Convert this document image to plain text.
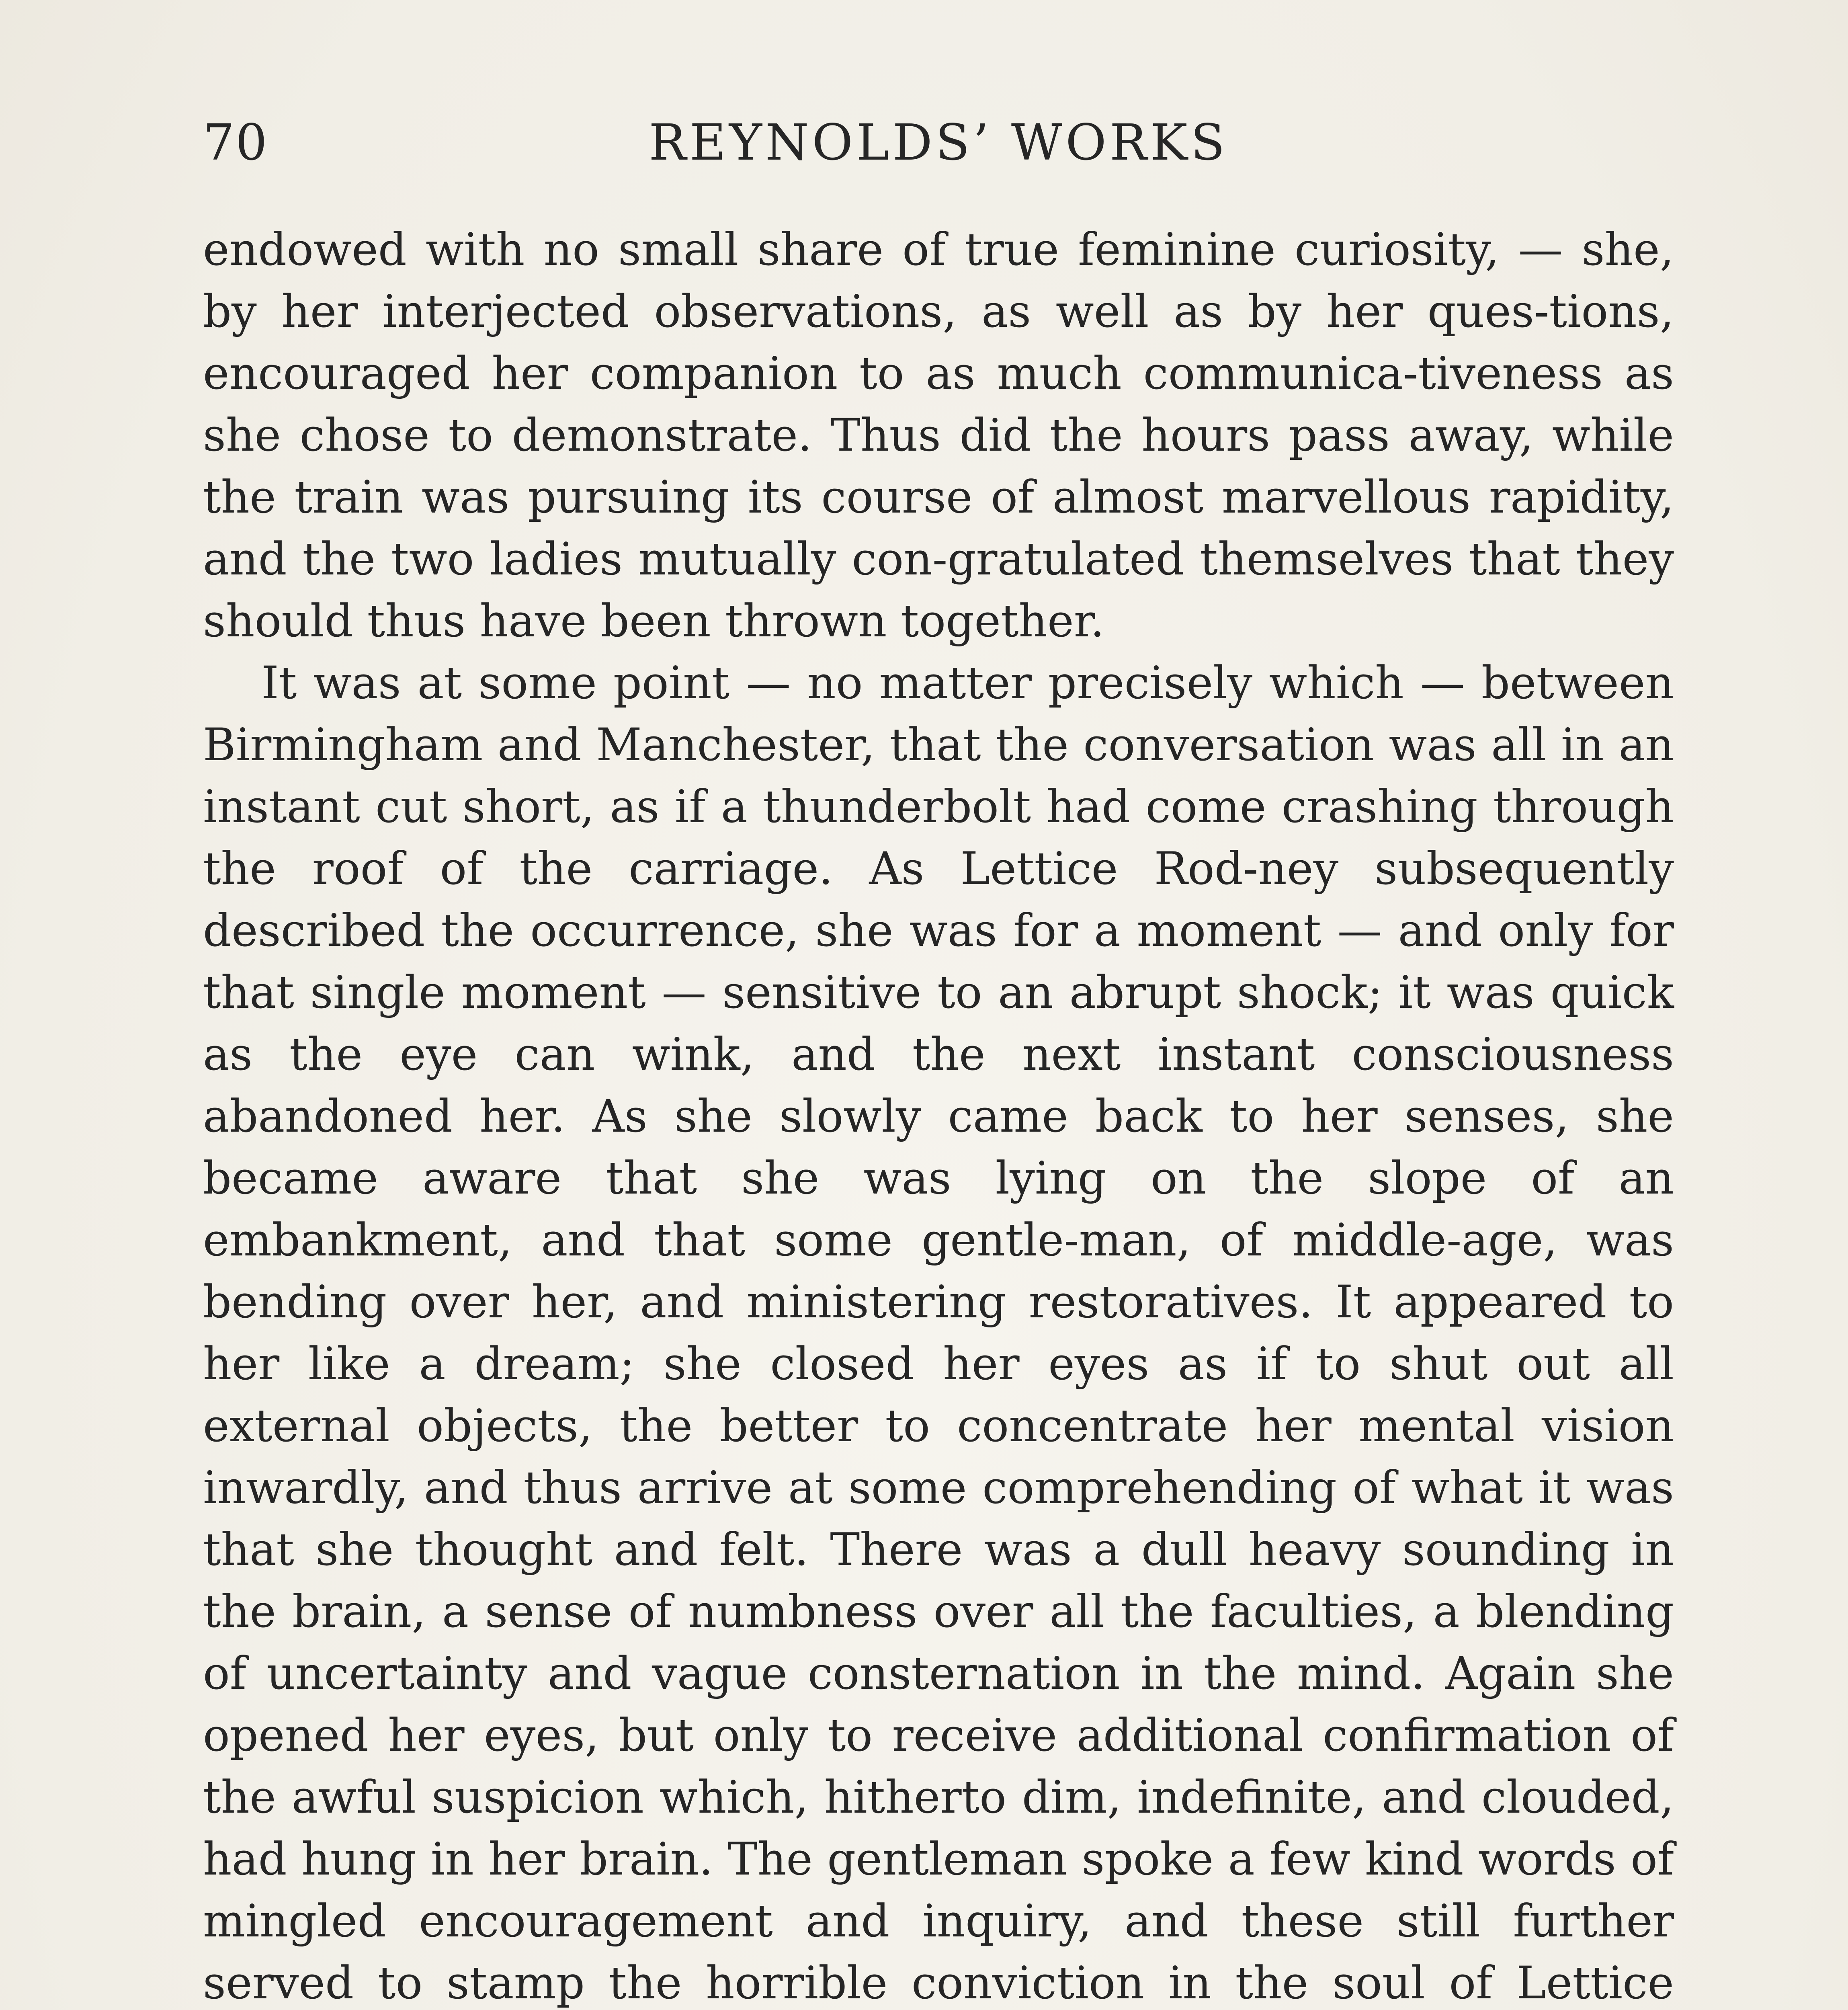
70	REYNOLDS’ WORKS

endowed with no small share of true feminine curiosity, — she, by her interjected observations, as well as by her ques-tions, encouraged her companion to as much communica-tiveness as she chose to demonstrate. Thus did the hours pass away, while the train was pursuing its course of almost marvellous rapidity, and the two ladies mutually con-gratulated themselves that they should thus have been thrown together.

It was at some point — no matter precisely which — between Birmingham and Manchester, that the conversation was all in an instant cut short, as if a thunderbolt had come crashing through the roof of the carriage. As Lettice Rod-ney subsequently described the occurrence, she was for a moment — and only for that single moment — sensitive to an abrupt shock; it was quick as the eye can wink, and the next instant consciousness abandoned her. As she slowly came back to her senses, she became aware that she was lying on the slope of an embankment, and that some gentle-man, of middle-age, was bending over her, and ministering restoratives. It appeared to her like a dream; she closed her eyes as if to shut out all external objects, the better to concentrate her mental vision inwardly, and thus arrive at some comprehending of what it was that she thought and felt. There was a dull heavy sounding in the brain, a sense of numbness over all the faculties, a blending of uncertainty and vague consternation in the mind. Again she opened her eyes, but only to receive additional confirmation of the awful suspicion which, hitherto dim, indefinite, and clouded, had hung in her brain. The gentleman spoke a few kind words of mingled encouragement and inquiry, and these still further served to stamp the horrible conviction in the soul of Lettice
